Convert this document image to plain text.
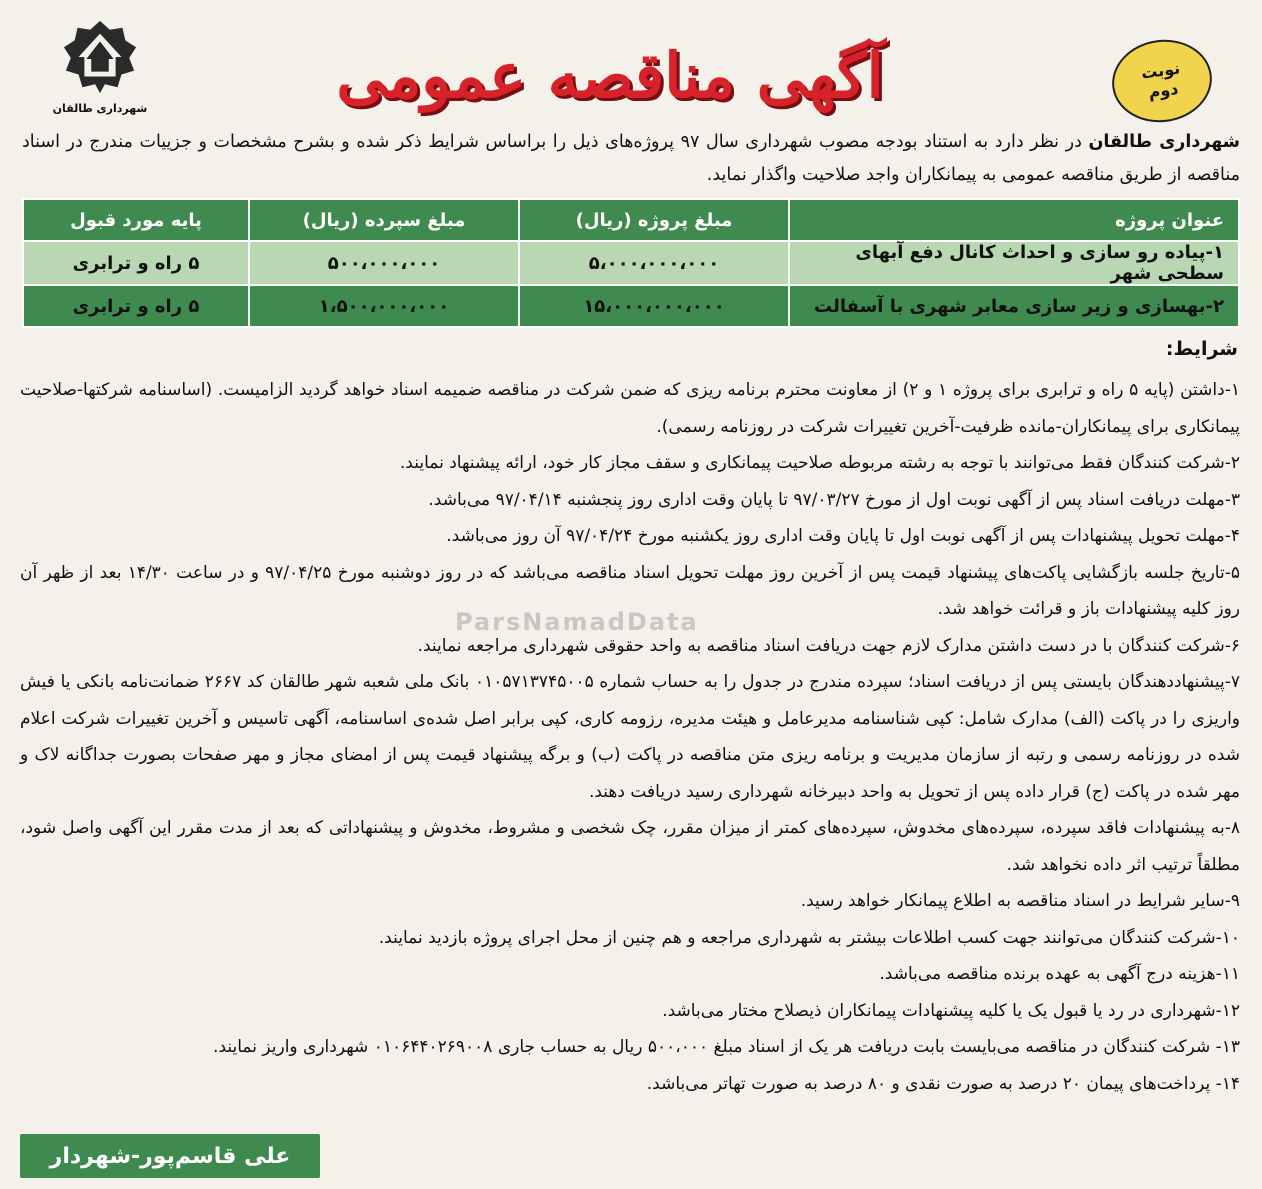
شهرداری طالقان	آگهی مناقصه عمومی	نوبت
دوم
شهرداری طالقان در نظر دارد به استناد بودجه مصوب شهرداری سال ۹۷ پروژه‌های ذیل را براساس شرایط ذکر شده و بشرح مشخصات و جزییات مندرج در اسناد مناقصه از طریق مناقصه عمومی به پیمانکاران واجد صلاحیت واگذار نماید.
عنوان پروژه	مبلغ پروژه (ریال)	مبلغ سپرده (ریال)	پایه مورد قبول
۱-پیاده رو سازی و احداث کانال دفع آبهای سطحی شهر	۵،۰۰۰،۰۰۰،۰۰۰	۵۰۰،۰۰۰،۰۰۰	۵ راه و ترابری
۲-بهسازی و زیر سازی معابر شهری با آسفالت	۱۵،۰۰۰،۰۰۰،۰۰۰	۱،۵۰۰،۰۰۰،۰۰۰	۵ راه و ترابری
شرایط:
۱-داشتن (پایه ۵ راه و ترابری برای پروژه ۱ و ۲) از معاونت محترم برنامه ریزی که ضمن شرکت در مناقصه ضمیمه اسناد خواهد گردید الزامیست. (اساسنامه شرکتها-صلاحیت پیمانکاری برای پیمانکاران-مانده ظرفیت-آخرین تغییرات شرکت در روزنامه رسمی).
۲-شرکت کنندگان فقط می‌توانند با توجه به رشته مربوطه صلاحیت پیمانکاری و سقف مجاز کار خود، ارائه پیشنهاد نمایند.
۳-مهلت دریافت اسناد پس از آگهی نوبت اول از مورخ ۹۷/۰۳/۲۷ تا پایان وقت اداری روز پنجشنبه ۹۷/۰۴/۱۴ می‌باشد.
۴-مهلت تحویل پیشنهادات پس از آگهی نوبت اول تا پایان وقت اداری روز یکشنبه مورخ ۹۷/۰۴/۲۴ آن روز می‌باشد.
۵-تاریخ جلسه بازگشایی پاکت‌های پیشنهاد قیمت پس از آخرین روز مهلت تحویل اسناد مناقصه می‌باشد که در روز دوشنبه مورخ ۹۷/۰۴/۲۵ و در ساعت ۱۴/۳۰ بعد از ظهر آن روز کلیه پیشنهادات باز و قرائت خواهد شد.
۶-شرکت کنندگان با در دست داشتن مدارک لازم جهت دریافت اسناد مناقصه به واحد حقوقی شهرداری مراجعه نمایند.
۷-پیشنهاددهندگان بایستی پس از دریافت اسناد؛ سپرده مندرج در جدول را به حساب شماره ۰۱۰۵۷۱۳۷۴۵۰۰۵ بانک ملی شعبه شهر طالقان کد ۲۶۶۷ ضمانت‌نامه بانکی یا فیش واریزی را در پاکت (الف) مدارک شامل: کپی شناسنامه مدیرعامل و هیئت مدیره، رزومه کاری، کپی برابر اصل شده‌ی اساسنامه، آگهی تاسیس و آخرین تغییرات شرکت اعلام شده در روزنامه رسمی و رتبه از سازمان مدیریت و برنامه ریزی متن مناقصه در پاکت (ب) و برگه پیشنهاد قیمت پس از امضای مجاز و مهر صفحات بصورت جداگانه لاک و مهر شده در پاکت (ج) قرار داده پس از تحویل به واحد دبیرخانه شهرداری رسید دریافت دهند.
۸-به پیشنهادات فاقد سپرده، سپرده‌های مخدوش، سپرده‌های کمتر از میزان مقرر، چک شخصی و مشروط، مخدوش و پیشنهاداتی که بعد از مدت مقرر این آگهی واصل شود، مطلقاً ترتیب اثر داده نخواهد شد.
۹-سایر شرایط در اسناد مناقصه به اطلاع پیمانکار خواهد رسید.
۱۰-شرکت کنندگان می‌توانند جهت کسب اطلاعات بیشتر به شهرداری مراجعه و هم چنین از محل اجرای پروژه بازدید نمایند.
۱۱-هزینه درج آگهی به عهده برنده مناقصه می‌باشد.
۱۲-شهرداری در رد یا قبول یک یا کلیه پیشنهادات پیمانکاران ذیصلاح مختار می‌باشد.
۱۳- شرکت کنندگان در مناقصه می‌بایست بابت دریافت هر یک از اسناد مبلغ ۵۰۰،۰۰۰ ریال به حساب جاری ۰۱۰۶۴۴۰۲۶۹۰۰۸ شهرداری واریز نمایند.
۱۴- پرداخت‌های پیمان ۲۰ درصد به صورت نقدی و ۸۰ درصد به صورت تهاتر می‌باشد.
ParsNamadData
علی قاسم‌پور-شهردار
